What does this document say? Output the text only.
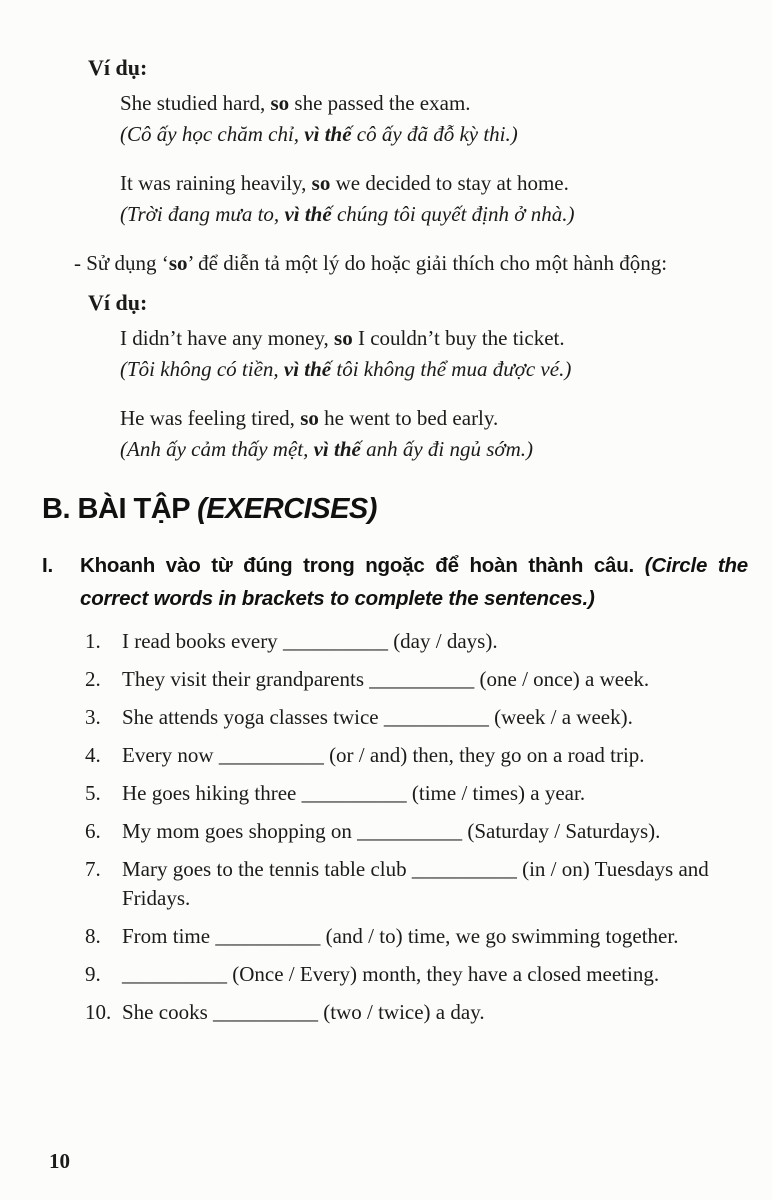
Ví dụ:

She studied hard, so she passed the exam.

(Cô ấy học chăm chỉ, vì thế cô ấy đã đỗ kỳ thi.)

It was raining heavily, so we decided to stay at home.

(Trời đang mưa to, vì thế chúng tôi quyết định ở nhà.)

- Sử dụng ‘so’ để diễn tả một lý do hoặc giải thích cho một hành động:

Ví dụ:

I didn’t have any money, so I couldn’t buy the ticket.

(Tôi không có tiền, vì thế tôi không thể mua được vé.)

He was feeling tired, so he went to bed early.

(Anh ấy cảm thấy mệt, vì thế anh ấy đi ngủ sớm.)

B. BÀI TẬP (EXERCISES)
I.	Khoanh vào từ đúng trong ngoặc để hoàn thành câu. (Circle the correct words in brackets to complete the sentences.)
1.	I read books every __________ (day / days).
2.	They visit their grandparents __________ (one / once) a week.
3.	She attends yoga classes twice __________ (week / a week).
4.	Every now __________ (or / and) then, they go on a road trip.
5.	He goes hiking three __________ (time / times) a year.
6.	My mom goes shopping on __________ (Saturday / Saturdays).
7.	Mary goes to the tennis table club __________ (in / on) Tuesdays and Fridays.
8.	From time __________ (and / to) time, we go swimming together.
9.	__________ (Once / Every) month, they have a closed meeting.
10. She cooks __________ (two / twice) a day.
10
